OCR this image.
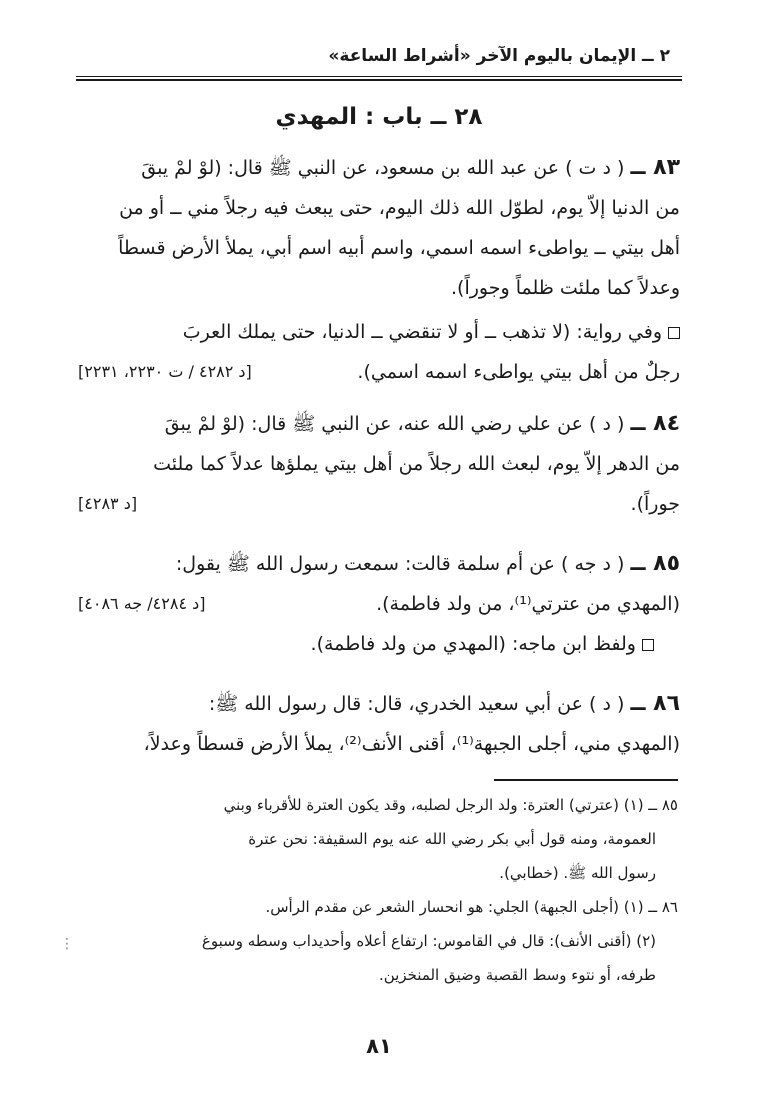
٢ ــ الإيمان باليوم الآخر «أشراط الساعة»
٢٨ ــ باب : المهدي
٨٣ ــ ( د ت ) عن عبد الله بن مسعود، عن النبي ﷺ قال: (لوْ لمْ يبقَ
من الدنيا إلاّ يوم، لطوّل الله ذلك اليوم، حتى يبعث فيه رجلاً مني ــ أو من
أهل بيتي ــ يواطىء اسمه اسمي، واسم أبيه اسم أبي، يملأ الأرض قسطاً
وعدلاً كما ملئت ظلماً وجوراً).
وفي رواية: (لا تذهب ــ أو لا تنقضي ــ الدنيا، حتى يملك العربَ
رجلٌ من أهل بيتي يواطىء اسمه اسمي).
[د ٤٢٨٢ / ت ٢٢٣٠، ٢٢٣١]
٨٤ ــ ( د ) عن علي رضي الله عنه، عن النبي ﷺ قال: (لوْ لمْ يبقَ
من الدهر إلاّ يوم، لبعث الله رجلاً من أهل بيتي يملؤها عدلاً كما ملئت
جوراً).
[د ٤٢٨٣]
٨٥ ــ ( د جه ) عن أم سلمة قالت: سمعت رسول الله ﷺ يقول:
(المهدي من عترتي⁽¹⁾، من ولد فاطمة).
[د ٤٢٨٤/ جه ٤٠٨٦]
ولفظ ابن ماجه: (المهدي من ولد فاطمة).
٨٦ ــ ( د ) عن أبي سعيد الخدري، قال: قال رسول الله ﷺ:
(المهدي مني، أجلى الجبهة⁽¹⁾، أقنى الأنف⁽²⁾، يملأ الأرض قسطاً وعدلاً،

٨٥ ــ (١) (عترتي) العترة: ولد الرجل لصلبه، وقد يكون العترة للأقرباء وبني

العمومة، ومنه قول أبي بكر رضي الله عنه يوم السقيفة: نحن عترة

رسول الله ﷺ. (خطابي).

٨٦ ــ (١) (أجلى الجبهة) الجلي: هو انحسار الشعر عن مقدم الرأس.

(٢) (أقنى الأنف): قال في القاموس: ارتفاع أعلاه وأحديداب وسطه وسبوغ

طرفه، أو نتوء وسط القصبة وضيق المنخزين.

⋮
٨١
